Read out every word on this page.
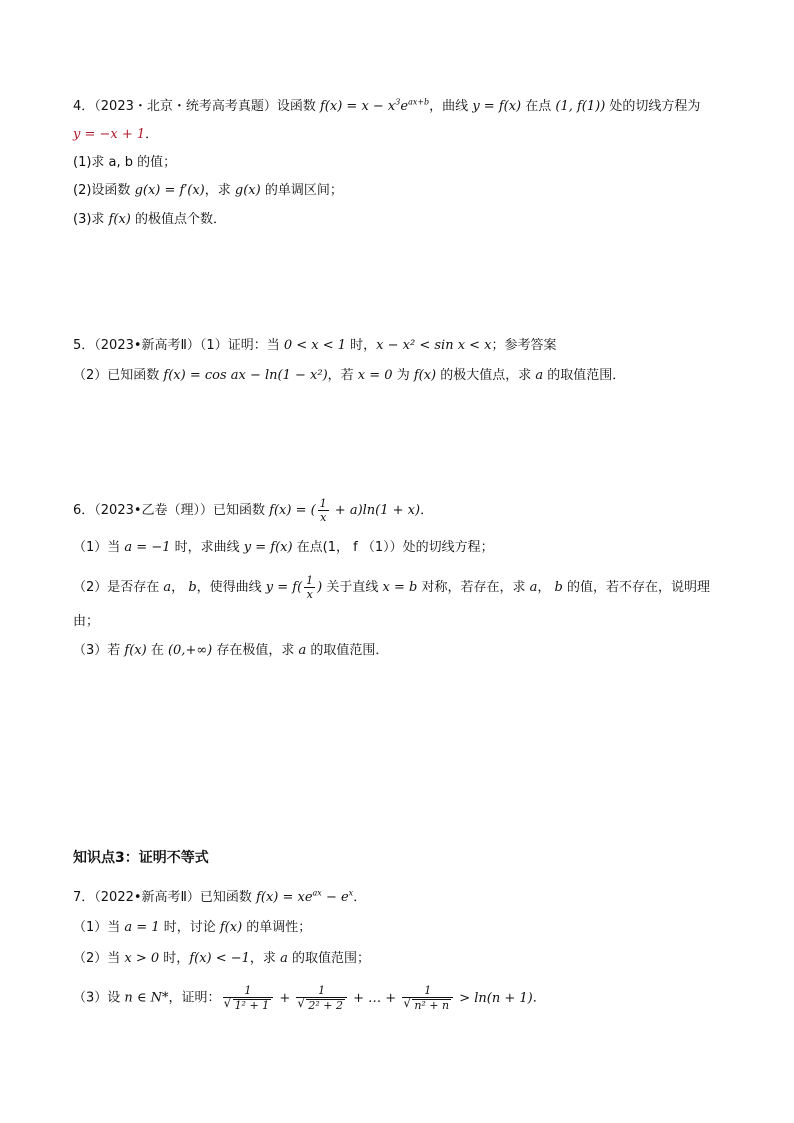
4．（2023・北京・统考高考真题）设函数 $f(x) = x - x^3e^{ax+b}$，曲线 y = f(x) 在点 (1, f(1)) 处的切线方程为
y = −x + 1．
(1)求 a, b 的值；
(2)设函数 g(x) = f′(x)，求 g(x) 的单调区间；
(3)求 f(x) 的极值点个数．
5．（2023•新高考Ⅱ）（1）证明：当 0 < x < 1 时，x − x² < sin x < x；参考答案
（2）已知函数 f(x) = cos ax − ln(1 − x²)，若 x = 0 为 f(x) 的极大值点，求 a 的取值范围．
6．（2023•乙卷（理））已知函数 f(x) = ( $\frac{1}{x} + a)\ln(1 + x)$．
（1）当 a = −1 时，求曲线 y = f(x) 在点(1， f （1））处的切线方程；
（2）是否存在 a， b，使得曲线 $y = f( \frac{1}{x}$ ) 关于直线 x = b 对称，若存在，求 a， b 的值，若不存在，说明理
由；
（3）若 f(x) 在 (0,+∞) 存在极值，求 a 的取值范围．
知识点3：证明不等式
7．（2022•新高考Ⅱ）已知函数 $f(x) = xe^{ax} - e^x$．
（1）当 a = 1 时，讨论 f(x) 的单调性；
（2）当 x > 0 时，f(x) < −1，求 a 的取值范围；
（3）设 n ∈ N*，证明： 1
√ 1² + 1 + 1
√ 2² + 2 + … + 1
√ n² + n > ln(n + 1)．
